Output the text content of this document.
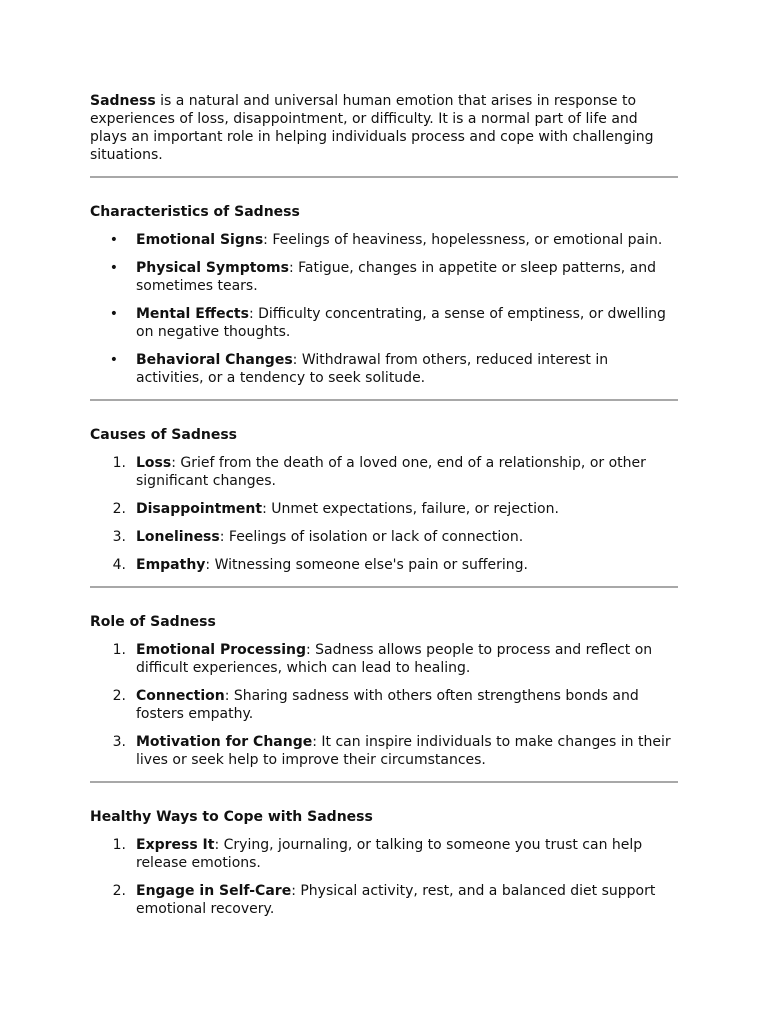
Sadness is a natural and universal human emotion that arises in response to experiences of loss, disappointment, or difficulty. It is a normal part of life and plays an important role in helping individuals process and cope with challenging situations.

Characteristics of Sadness
• Emotional Signs: Feelings of heaviness, hopelessness, or emotional pain.
• Physical Symptoms: Fatigue, changes in appetite or sleep patterns, and sometimes tears.
• Mental Effects: Difficulty concentrating, a sense of emptiness, or dwelling on negative thoughts.
• Behavioral Changes: Withdrawal from others, reduced interest in activities, or a tendency to seek solitude.
Causes of Sadness
1. Loss: Grief from the death of a loved one, end of a relationship, or other significant changes.
2. Disappointment: Unmet expectations, failure, or rejection.
3. Loneliness: Feelings of isolation or lack of connection.
4. Empathy: Witnessing someone else's pain or suffering.
Role of Sadness
1. Emotional Processing: Sadness allows people to process and reflect on difficult experiences, which can lead to healing.
2. Connection: Sharing sadness with others often strengthens bonds and fosters empathy.
3. Motivation for Change: It can inspire individuals to make changes in their lives or seek help to improve their circumstances.
Healthy Ways to Cope with Sadness
1. Express It: Crying, journaling, or talking to someone you trust can help release emotions.
2. Engage in Self-Care: Physical activity, rest, and a balanced diet support emotional recovery.
